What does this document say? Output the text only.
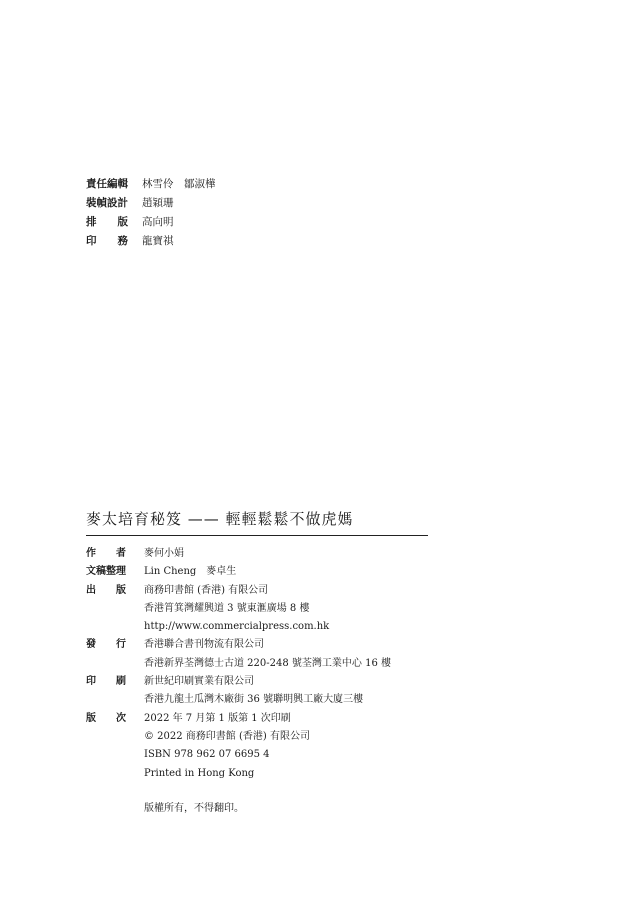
責任編輯	林雪伶　鄒淑樺
裝幀設計	趙穎珊
排　　版	高向明
印　　務	龍寶祺
麥太培育秘笈 —— 輕輕鬆鬆不做虎媽
作　　者	麥何小娟
文稿整理	Lin Cheng　麥卓生
出　　版	商務印書館 (香港) 有限公司
香港筲箕灣耀興道 3 號東滙廣場 8 樓
http://www.commercialpress.com.hk
發　　行	香港聯合書刊物流有限公司
香港新界荃灣德士古道 220-248 號荃灣工業中心 16 樓
印　　刷	新世紀印刷實業有限公司
香港九龍土瓜灣木廠街 36 號聯明興工廠大廈三樓
版　　次	2022 年 7 月第 1 版第 1 次印刷
© 2022 商務印書館 (香港) 有限公司
ISBN 978 962 07 6695 4
Printed in Hong Kong
版權所有，不得翻印。
